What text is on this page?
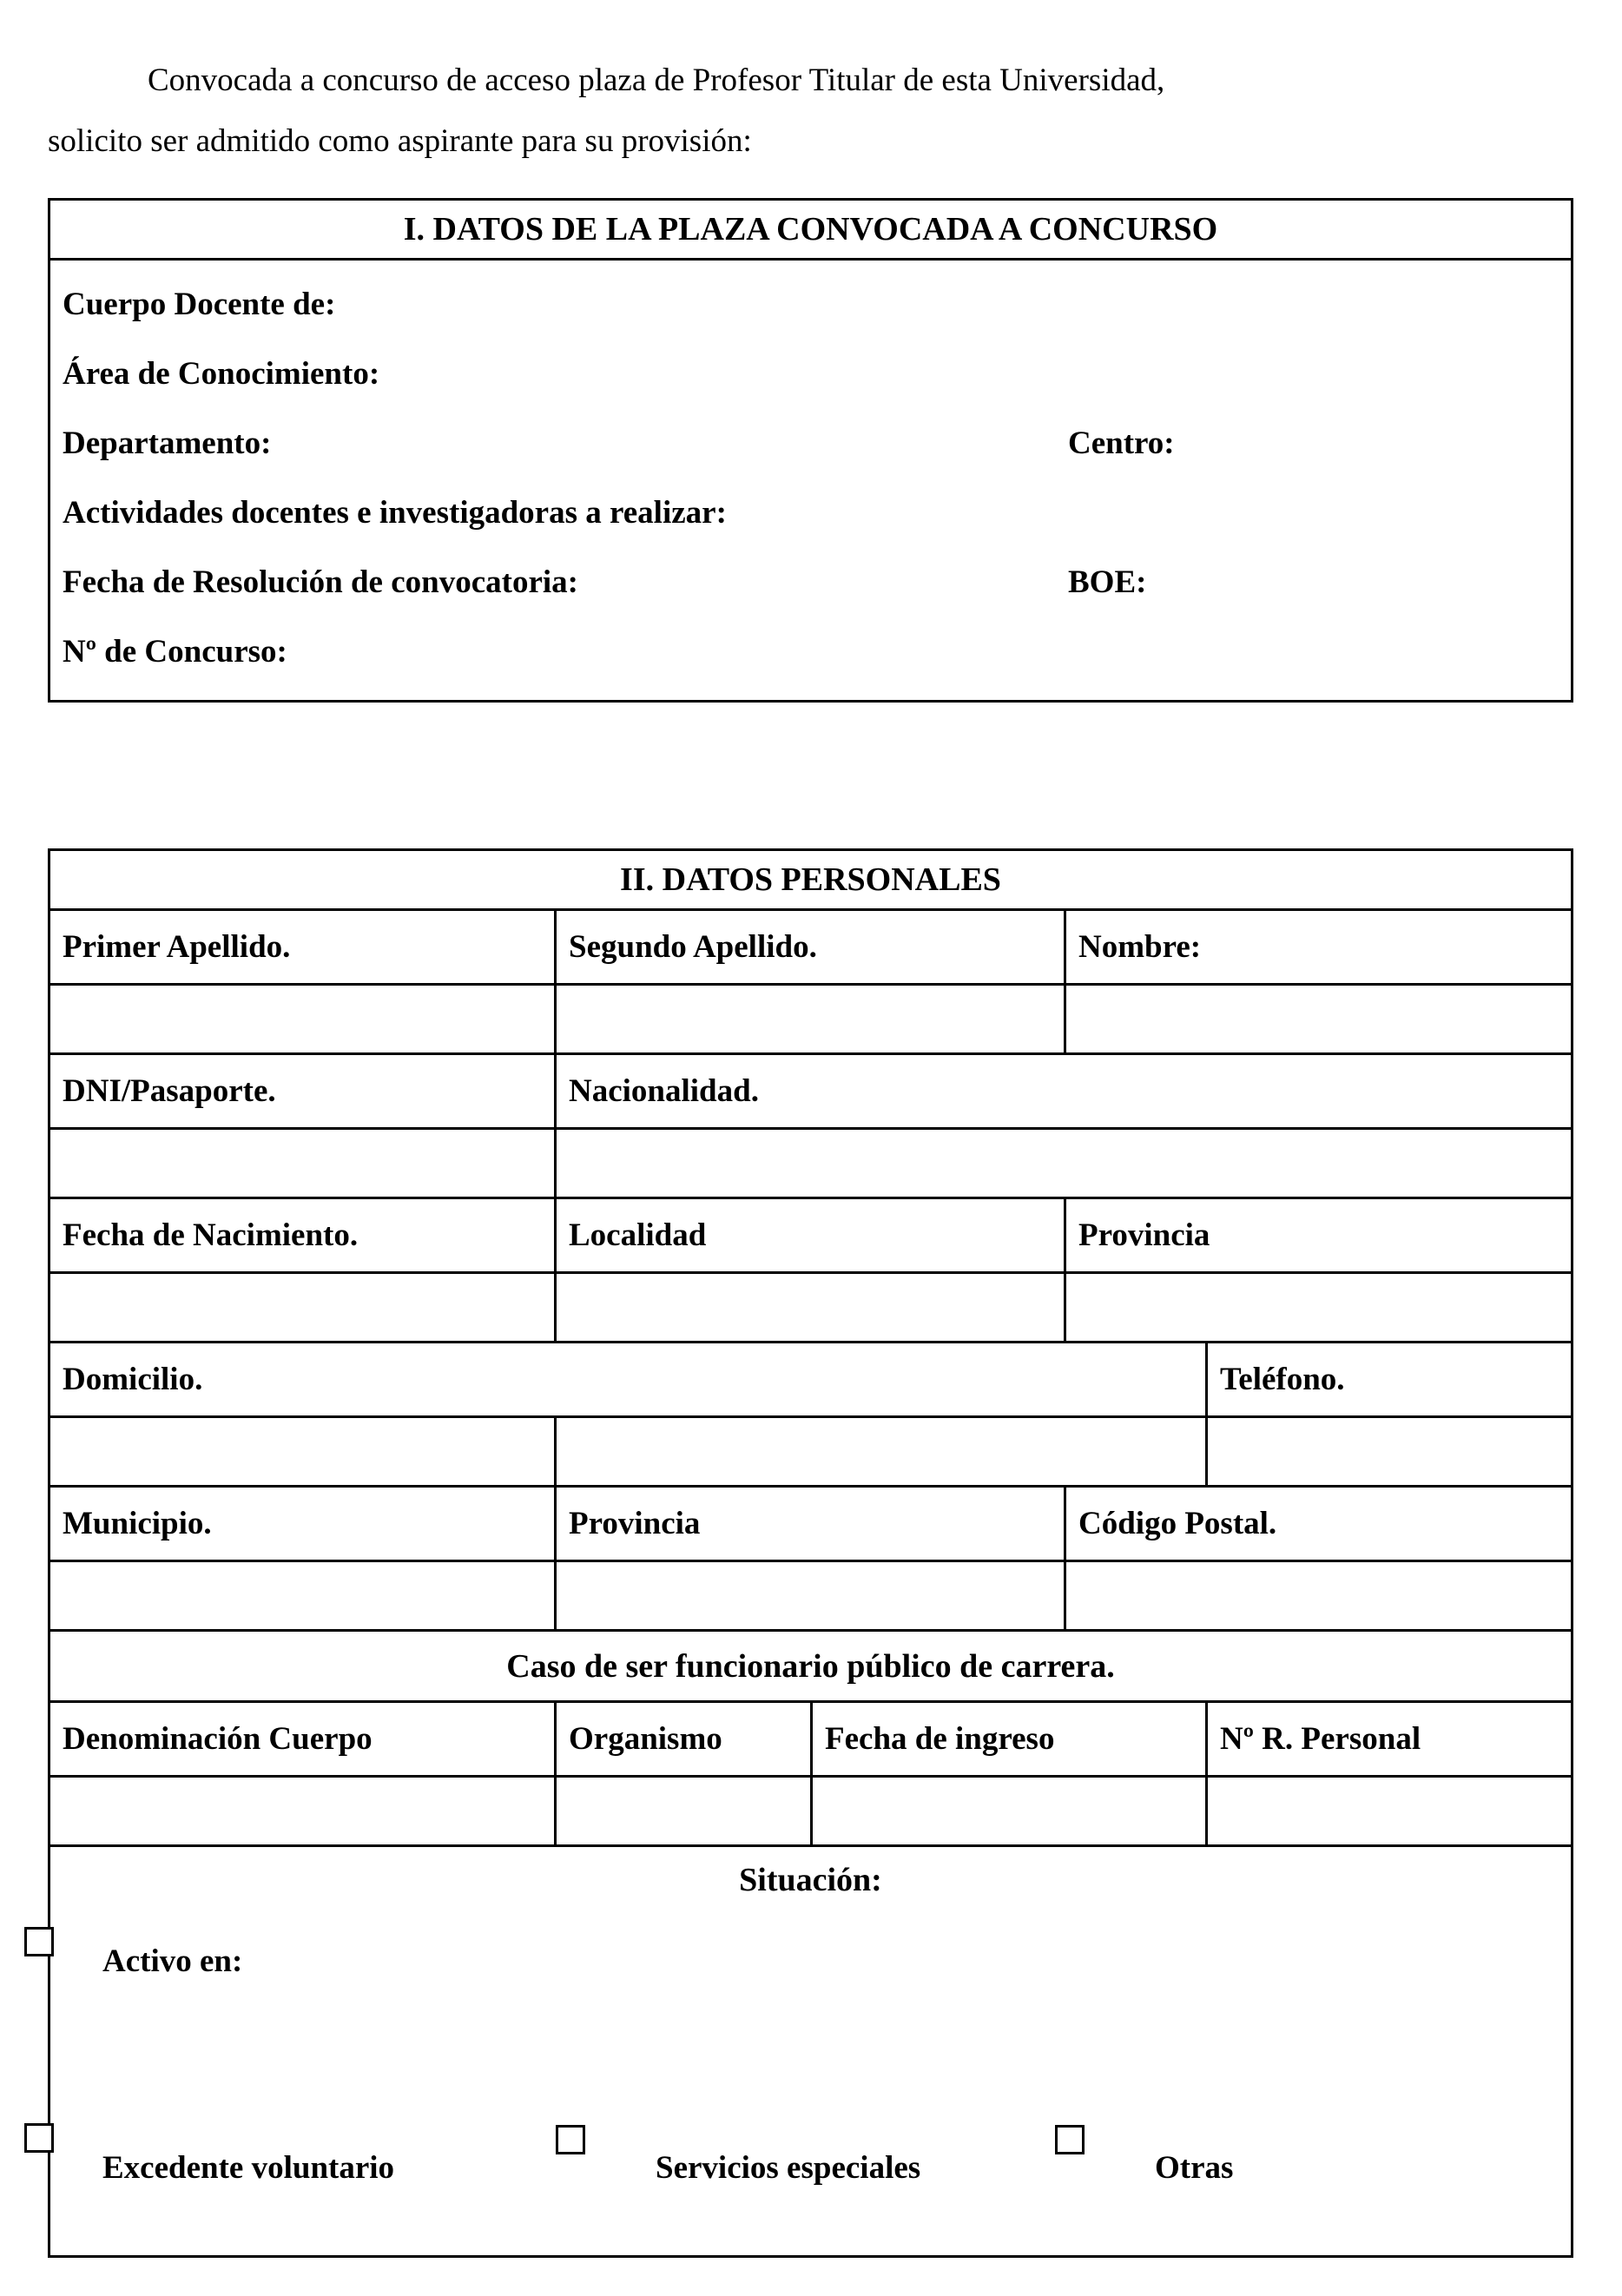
Convocada a concurso de acceso plaza de Profesor Titular de esta Universidad,
solicito ser admitido como aspirante para su provisión:

I. DATOS DE LA PLAZA CONVOCADA A CONCURSO
Cuerpo Docente de:
Área de Conocimiento:
Departamento:	Centro:
Actividades docentes e investigadoras a realizar:
Fecha de Resolución de convocatoria:	BOE:
Nº de Concurso:
II. DATOS PERSONALES
Primer Apellido.	Segundo Apellido.	Nombre:
DNI/Pasaporte.	Nacionalidad.
Fecha de Nacimiento.	Localidad	Provincia
Domicilio.	Teléfono.
Municipio.	Provincia	Código Postal.
Caso de ser funcionario público de carrera.
Denominación Cuerpo	Organismo	Fecha de ingreso	Nº R. Personal
Situación:
Activo en:
Excedente voluntario	Servicios especiales	Otras
